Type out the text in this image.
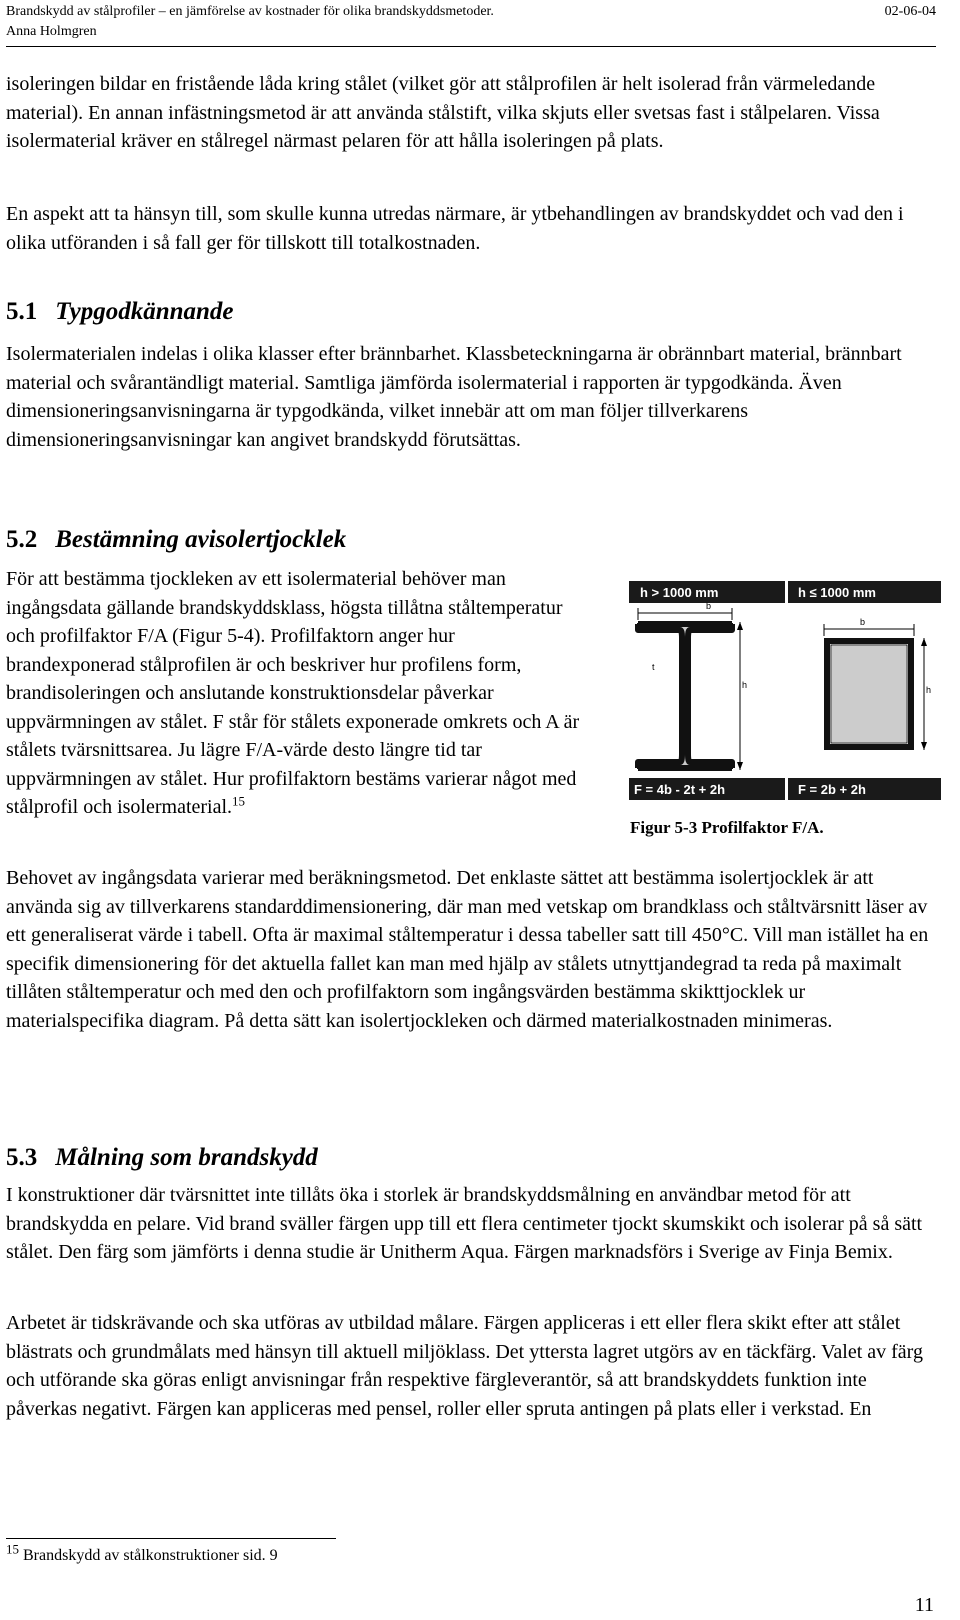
Brandskydd av stålprofiler – en jämförelse av kostnader för olika brandskyddsmetoder.	02-06-04
Anna Holmgren

isoleringen bildar en fristående låda kring stålet (vilket gör att stålprofilen är helt isolerad från värmeledande material). En annan infästningsmetod är att använda stålstift, vilka skjuts eller svetsas fast i stålpelaren. Vissa isolermaterial kräver en stålregel närmast pelaren för att hålla isoleringen på plats.

En aspekt att ta hänsyn till, som skulle kunna utredas närmare, är ytbehandlingen av brandskyddet och vad den i olika utföranden i så fall ger för tillskott till totalkostnaden.

5.1 Typgodkännande

Isolermaterialen indelas i olika klasser efter brännbarhet. Klassbeteckningarna är obrännbart material, brännbart material och svårantändligt material. Samtliga jämförda isolermaterial i rapporten är typgodkända. Även dimensioneringsanvisningarna är typgodkända, vilket innebär att om man följer tillverkarens dimensioneringsanvisningar kan angivet brandskydd förutsättas.

5.2 Bestämning avisolertjocklek

För att bestämma tjockleken av ett isolermaterial behöver man ingångsdata gällande brandskyddsklass, högsta tillåtna ståltemperatur och profilfaktor F/A (Figur 5-4). Profilfaktorn anger hur brandexponerad stålprofilen är och beskriver hur profilens form, brandisoleringen och anslutande konstruktionsdelar påverkar uppvärmningen av stålet. F står för stålets exponerade omkrets och A är stålets tvärsnittsarea. Ju lägre F/A-värde desto längre tid tar uppvärmningen av stålet. Hur profilfaktorn bestäms varierar något med stålprofil och isolermaterial.$^{15}$

h > 1000 mm	h ≤ 1000 mm
b
t
h
b
h
F = 4b - 2t + 2h	F = 2b + 2h
Figur 5-3 Profilfaktor F/A.

Behovet av ingångsdata varierar med beräkningsmetod. Det enklaste sättet att bestämma isolertjocklek är att använda sig av tillverkarens standarddimensionering, där man med vetskap om brandklass och ståltvärsnitt läser av ett generaliserat värde i tabell. Ofta är maximal ståltemperatur i dessa tabeller satt till 450°C. Vill man istället ha en specifik dimensionering för det aktuella fallet kan man med hjälp av stålets utnyttjandegrad ta reda på maximalt tillåten ståltemperatur och med den och profilfaktorn som ingångsvärden bestämma skikttjocklek ur materialspecifika diagram. På detta sätt kan isolertjockleken och därmed materialkostnaden minimeras.

5.3 Målning som brandskydd

I konstruktioner där tvärsnittet inte tillåts öka i storlek är brandskyddsmålning en användbar metod för att brandskydda en pelare. Vid brand sväller färgen upp till ett flera centimeter tjockt skumskikt och isolerar på så sätt stålet. Den färg som jämförts i denna studie är Unitherm Aqua. Färgen marknadsförs i Sverige av Finja Bemix.

Arbetet är tidskrävande och ska utföras av utbildad målare. Färgen appliceras i ett eller flera skikt efter att stålet blästrats och grundmålats med hänsyn till aktuell miljöklass. Det yttersta lagret utgörs av en täckfärg. Valet av färg och utförande ska göras enligt anvisningar från respektive färgleverantör, så att brandskyddets funktion inte påverkas negativt. Färgen kan appliceras med pensel, roller eller spruta antingen på plats eller i verkstad. En

$^{15}$ Brandskydd av stålkonstruktioner sid. 9
11
